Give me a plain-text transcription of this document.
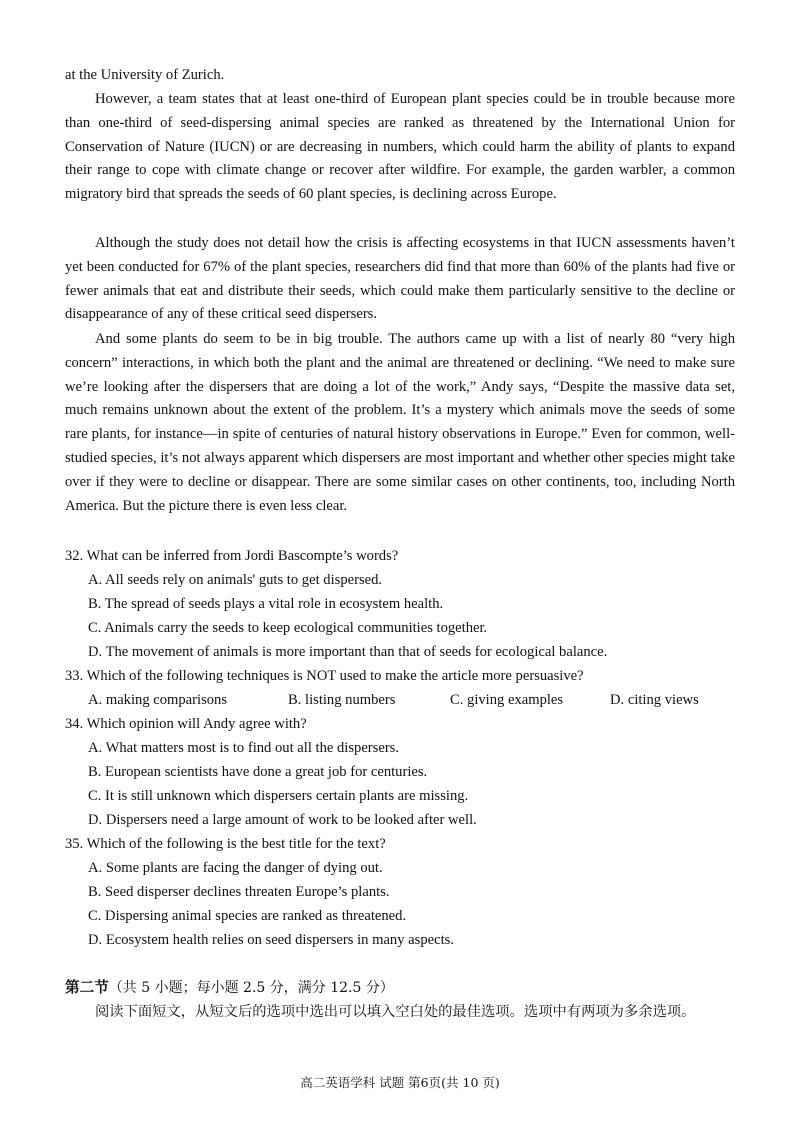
at the University of Zurich.

However, a team states that at least one-third of European plant species could be in trouble because more than one-third of seed-dispersing animal species are ranked as threatened by the International Union for Conservation of Nature (IUCN) or are decreasing in numbers, which could harm the ability of plants to expand their range to cope with climate change or recover after wildfire. For example, the garden warbler, a common migratory bird that spreads the seeds of 60 plant species, is declining across Europe.

Although the study does not detail how the crisis is affecting ecosystems in that IUCN assessments haven’t yet been conducted for 67% of the plant species, researchers did find that more than 60% of the plants had five or fewer animals that eat and distribute their seeds, which could make them particularly sensitive to the decline or disappearance of any of these critical seed dispersers.

And some plants do seem to be in big trouble. The authors came up with a list of nearly 80 “very high concern” interactions, in which both the plant and the animal are threatened or declining. “We need to make sure we’re looking after the dispersers that are doing a lot of the work,” Andy says, “Despite the massive data set, much remains unknown about the extent of the problem. It’s a mystery which animals move the seeds of some rare plants, for instance—in spite of centuries of natural history observations in Europe.” Even for common, well-studied species, it’s not always apparent which dispersers are most important and whether other species might take over if they were to decline or disappear. There are some similar cases on other continents, too, including North America. But the picture there is even less clear.

32. What can be inferred from Jordi Bascompte’s words?

A. All seeds rely on animals' guts to get dispersed.

B. The spread of seeds plays a vital role in ecosystem health.

C. Animals carry the seeds to keep ecological communities together.

D. The movement of animals is more important than that of seeds for ecological balance.

33. Which of the following techniques is NOT used to make the article more persuasive?

A. making comparisons	B. listing numbers	C. giving examples	D. citing views

34. Which opinion will Andy agree with?

A. What matters most is to find out all the dispersers.

B. European scientists have done a great job for centuries.

C. It is still unknown which dispersers certain plants are missing.

D. Dispersers need a large amount of work to be looked after well.

35. Which of the following is the best title for the text?

A. Some plants are facing the danger of dying out.

B. Seed disperser declines threaten Europe’s plants.

C. Dispersing animal species are ranked as threatened.

D. Ecosystem health relies on seed dispersers in many aspects.

第二节（共 5 小题；每小题 2.5 分，满分 12.5 分）

阅读下面短文，从短文后的选项中选出可以填入空白处的最佳选项。选项中有两项为多余选项。

高二英语学科 试题 第6页(共 10 页)
